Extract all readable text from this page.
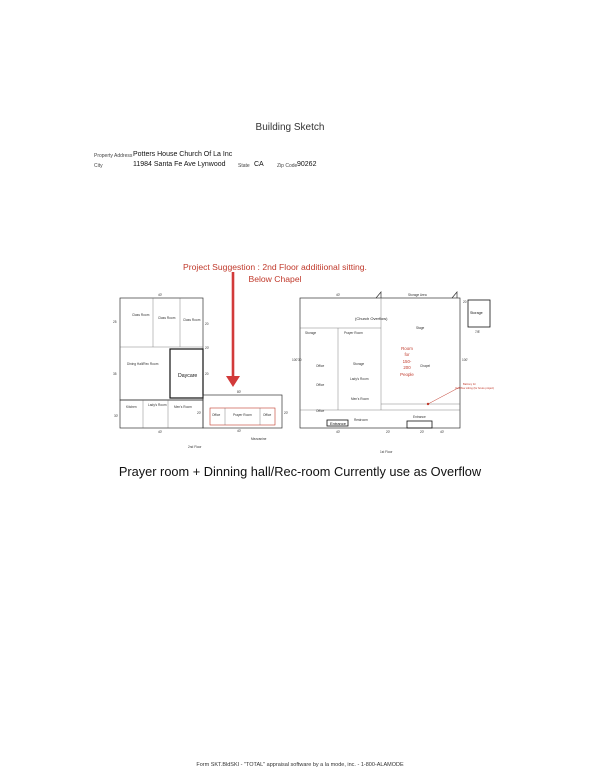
Building Sketch
Property Address Potters House Church Of La Inc
City	11984 Santa Fe Ave Lynwood	State CA	Zip Code 90262
Project Suggestion : 2nd Floor additiional sitting.
Below Chapel
Class Room
Class Room Class Room
Dining Hall/Rec Room
Daycare
Kitchen	Lady's Room Men's Room
Office	Prayer Room	Office
40'
20'
40'
30'
40'
20'
80'
20'
25
35	20
20
30
20
2nd Floor
Mezzanine
Storage	Prayer Room
(Church Overflow)
Office	Storage
Lady's Room
Office
Men's Room
Office
Restroom
Entrance
Storage Area
Stage
Chapel
Entrance
Storage
Room
for
150-
200
People
Balcony for
Overflow sitting (for future project)
40'
100'
40'	20'
100'
20'	40'
7/8'
1st Floor
Prayer room + Dinning hall/Rec-room Currently use as Overflow
Form SKT.BldSKI - "TOTAL" appraisal software by a la mode, inc. - 1-800-ALAMODE
